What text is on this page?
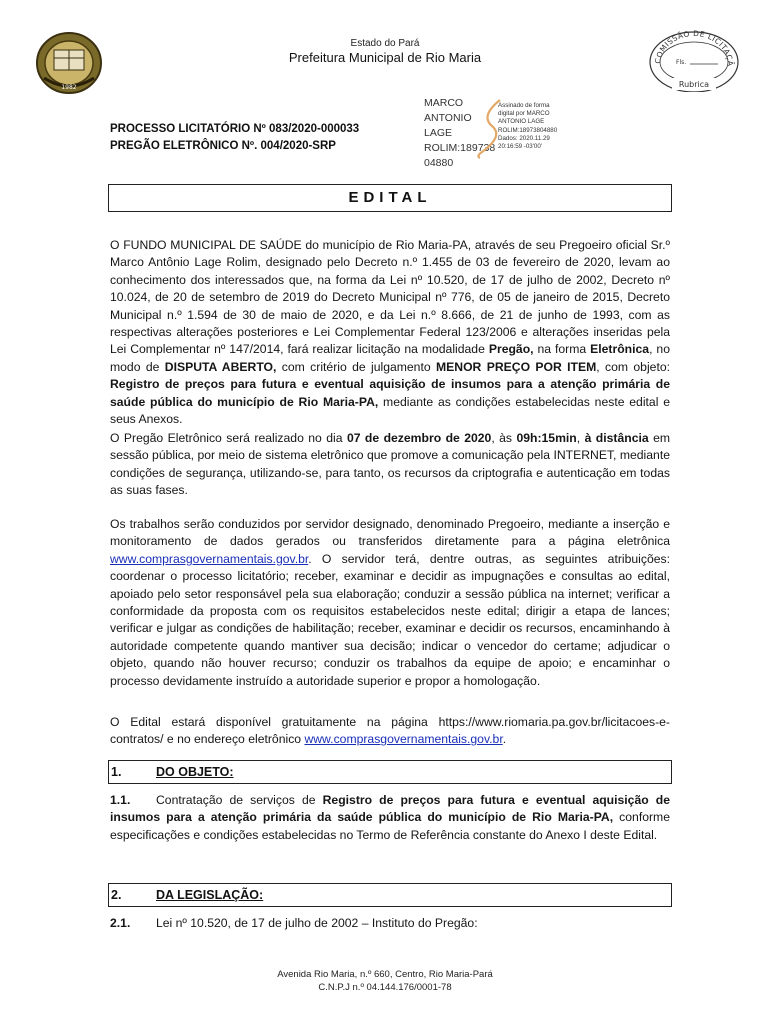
1982
Estado do Pará
Prefeitura Municipal de Rio Maria	COMISSÃO DE LICITAÇÃ
Fls.
Rubrica
PROCESSO LICITATÓRIO Nº 083/2020-000033
PREGÃO ELETRÔNICO Nº. 004/2020-SRP
MARCO
ANTONIO
LAGE
ROLIM:189738
04880
Assinado de forma
digital por MARCO
ANTONIO LAGE
ROLIM:18973804880
Dados: 2020.11.29
20:16:59 -03'00'
EDITAL
O FUNDO MUNICIPAL DE SAÚDE do município de Rio Maria-PA, através de seu Pregoeiro oficial Sr.º Marco Antônio Lage Rolim, designado pelo Decreto n.º 1.455 de 03 de fevereiro de 2020, levam ao conhecimento dos interessados que, na forma da Lei nº 10.520, de 17 de julho de 2002, Decreto nº 10.024, de 20 de setembro de 2019 do Decreto Municipal nº 776, de 05 de janeiro de 2015, Decreto Municipal n.º 1.594 de 30 de maio de 2020, e da Lei n.º 8.666, de 21 de junho de 1993, com as respectivas alterações posteriores e Lei Complementar Federal 123/2006 e alterações inseridas pela Lei Complementar nº 147/2014, fará realizar licitação na modalidade Pregão, na forma Eletrônica, no modo de DISPUTA ABERTO, com critério de julgamento MENOR PREÇO POR ITEM, com objeto: Registro de preços para futura e eventual aquisição de insumos para a atenção primária de saúde pública do município de Rio Maria-PA, mediante as condições estabelecidas neste edital e seus Anexos.
O Pregão Eletrônico será realizado no dia 07 de dezembro de 2020, às 09h:15min, à distância em sessão pública, por meio de sistema eletrônico que promove a comunicação pela INTERNET, mediante condições de segurança, utilizando-se, para tanto, os recursos da criptografia e autenticação em todas as suas fases.
Os trabalhos serão conduzidos por servidor designado, denominado Pregoeiro, mediante a inserção e monitoramento de dados gerados ou transferidos diretamente para a página eletrônica www.comprasgovernamentais.gov.br. O servidor terá, dentre outras, as seguintes atribuições: coordenar o processo licitatório; receber, examinar e decidir as impugnações e consultas ao edital, apoiado pelo setor responsável pela sua elaboração; conduzir a sessão pública na internet; verificar a conformidade da proposta com os requisitos estabelecidos neste edital; dirigir a etapa de lances; verificar e julgar as condições de habilitação; receber, examinar e decidir os recursos, encaminhando à autoridade competente quando mantiver sua decisão; indicar o vencedor do certame; adjudicar o objeto, quando não houver recurso; conduzir os trabalhos da equipe de apoio; e encaminhar o processo devidamente instruído a autoridade superior e propor a homologação.
O Edital estará disponível gratuitamente na página https://www.riomaria.pa.gov.br/licitacoes-e-contratos/ e no endereço eletrônico www.comprasgovernamentais.gov.br.
1.	DO OBJETO:
1.1. Contratação de serviços de Registro de preços para futura e eventual aquisição de insumos para a atenção primária da saúde pública do município de Rio Maria-PA, conforme especificações e condições estabelecidas no Termo de Referência constante do Anexo I deste Edital.
2.	DA LEGISLAÇÃO:
2.1. Lei nº 10.520, de 17 de julho de 2002 – Instituto do Pregão:
Avenida Rio Maria, n.º 660, Centro, Rio Maria-Pará
C.N.P.J n.º 04.144.176/0001-78
